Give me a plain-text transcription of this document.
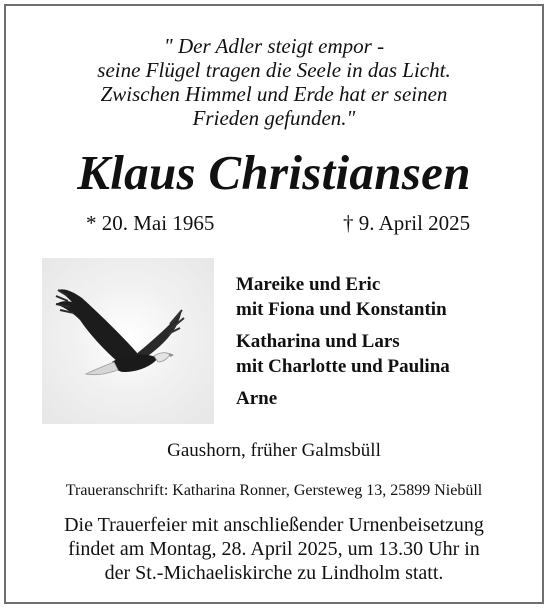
" Der Adler steigt empor -
seine Flügel tragen die Seele in das Licht.
Zwischen Himmel und Erde hat er seinen
Frieden gefunden."
Klaus Christiansen
* 20. Mai 1965	† 9. April 2025
Mareike und Eric
mit Fiona und Konstantin
Katharina und Lars
mit Charlotte und Paulina
Arne
Gaushorn, früher Galmsbüll
Traueranschrift: Katharina Ronner, Gersteweg 13, 25899 Niebüll
Die Trauerfeier mit anschließender Urnenbeisetzung
findet am Montag, 28. April 2025, um 13.30 Uhr in
der St.-Michaeliskirche zu Lindholm statt.
